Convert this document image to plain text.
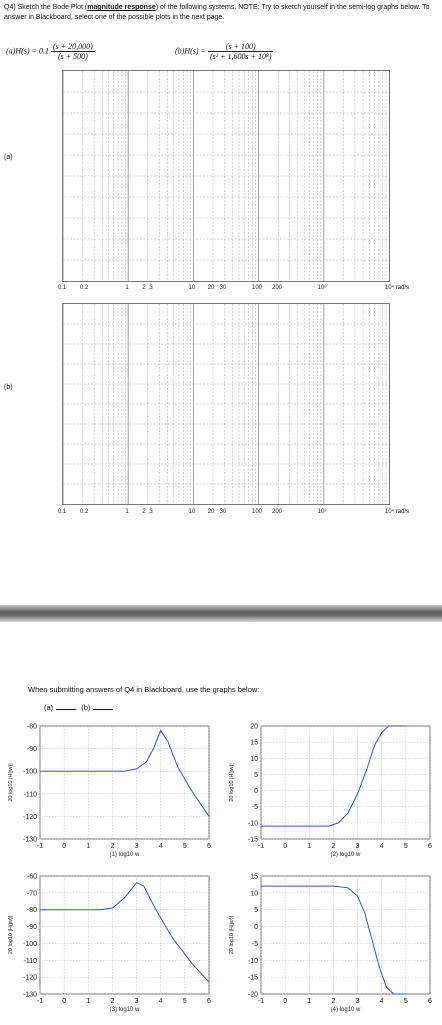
Q4) Sketch the Bode Plot (magnitude response) of the following systems. NOTE: Try to sketch yourself in the semi-log graphs below. To answer in Blackboard, select one of the possible plots in the next page.
$(a)H(s) = 0.1 \frac{(s + 20,000)}{(s + 500)}$	$(b)H(s) = \frac{(s + 100)}{\text{(s² + 1,600s + 10⁸)}}$
(a)
0.1 0.2	1 2 3	10 20 30	100 200	10³	10⁴ rad/s
(b)
0.1 0.2	1 2 3	10 20 30	100 200	10³	10⁴ rad/s
When submitting answers of Q4 in Blackboard, use the graphs below:
(a)	(b)
-1	0	1	2	3	4	5	6
-80
-90
-100
-110
-120
-130
(1) log10 w
20 log10 |H(jw)|
-1	0	1	2	3	4	5	6
20
15
10
5
0
-5
-10
-15
(2) log10 w
20 log10 |H(jw)|
-1	0	1	2	3	4	5	6
-60
-70
-80
-90
-100
-110
-120
-130
(3) log10 w
20 log10 |H(jw)|
-1	0	1	2	3	4	5	6
15
10
5
0
-5
-10
-15
-20
(4) log10 w
20 log10 |H(jw)|
